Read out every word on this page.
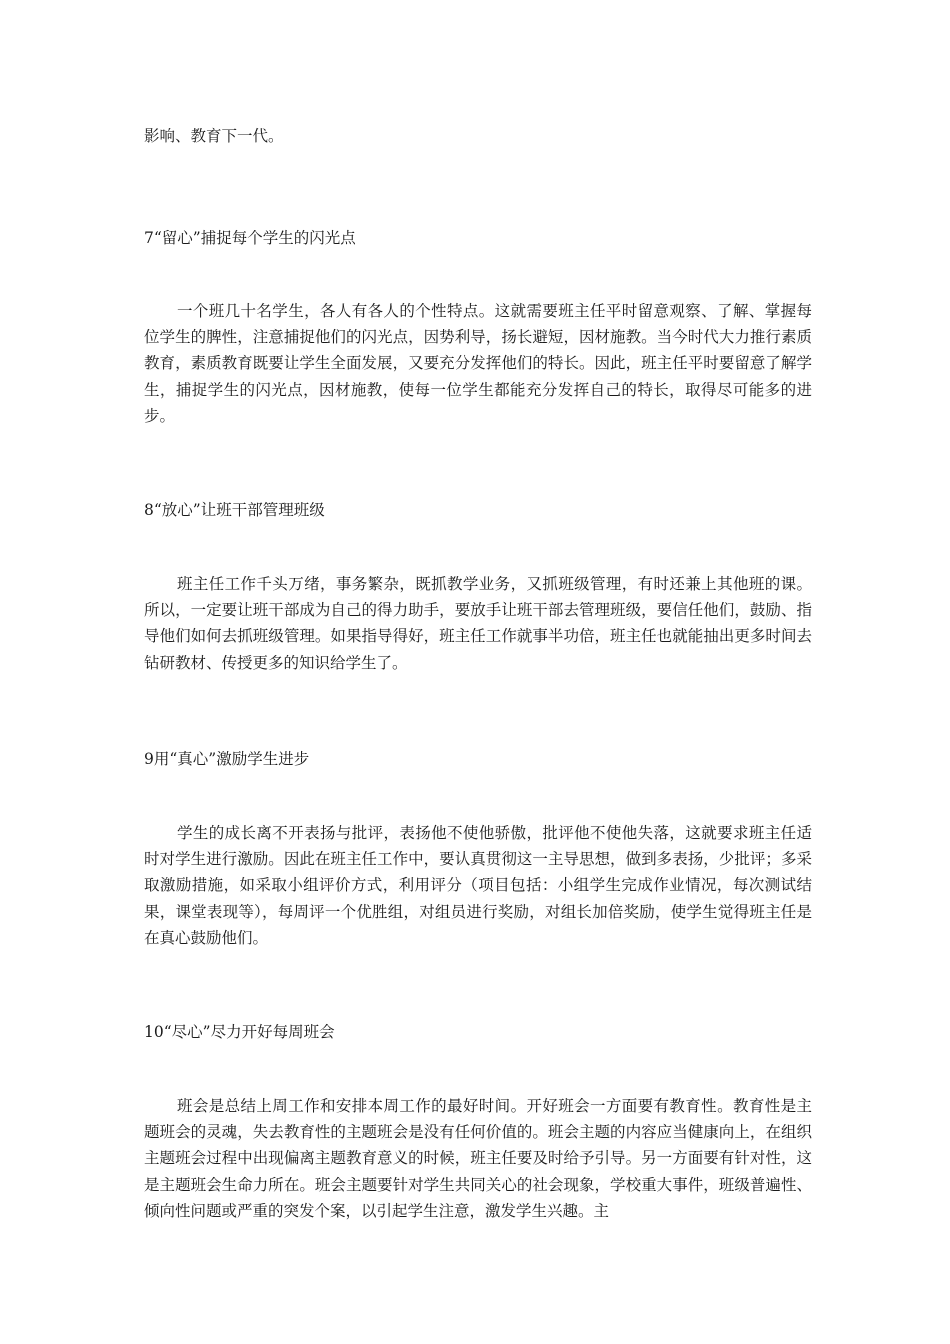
影响、教育下一代。
7“留心”捕捉每个学生的闪光点
一个班几十名学生，各人有各人的个性特点。这就需要班主任平时留意观察、了解、掌握每位学生的脾性，注意捕捉他们的闪光点，因势利导，扬长避短，因材施教。当今时代大力推行素质教育，素质教育既要让学生全面发展，又要充分发挥他们的特长。因此，班主任平时要留意了解学生，捕捉学生的闪光点，因材施教，使每一位学生都能充分发挥自己的特长，取得尽可能多的进步。
8“放心”让班干部管理班级
班主任工作千头万绪，事务繁杂，既抓教学业务，又抓班级管理，有时还兼上其他班的课。所以，一定要让班干部成为自己的得力助手，要放手让班干部去管理班级，要信任他们，鼓励、指导他们如何去抓班级管理。如果指导得好，班主任工作就事半功倍，班主任也就能抽出更多时间去钻研教材、传授更多的知识给学生了。
9用“真心”激励学生进步
学生的成长离不开表扬与批评，表扬他不使他骄傲，批评他不使他失落，这就要求班主任适时对学生进行激励。因此在班主任工作中，要认真贯彻这一主导思想，做到多表扬，少批评；多采取激励措施，如采取小组评价方式，利用评分（项目包括：小组学生完成作业情况，每次测试结果，课堂表现等），每周评一个优胜组，对组员进行奖励，对组长加倍奖励，使学生觉得班主任是在真心鼓励他们。
10“尽心”尽力开好每周班会
班会是总结上周工作和安排本周工作的最好时间。开好班会一方面要有教育性。教育性是主题班会的灵魂，失去教育性的主题班会是没有任何价值的。班会主题的内容应当健康向上，在组织主题班会过程中出现偏离主题教育意义的时候，班主任要及时给予引导。另一方面要有针对性，这是主题班会生命力所在。班会主题要针对学生共同关心的社会现象，学校重大事件，班级普遍性、倾向性问题或严重的突发个案，以引起学生注意，激发学生兴趣。主
